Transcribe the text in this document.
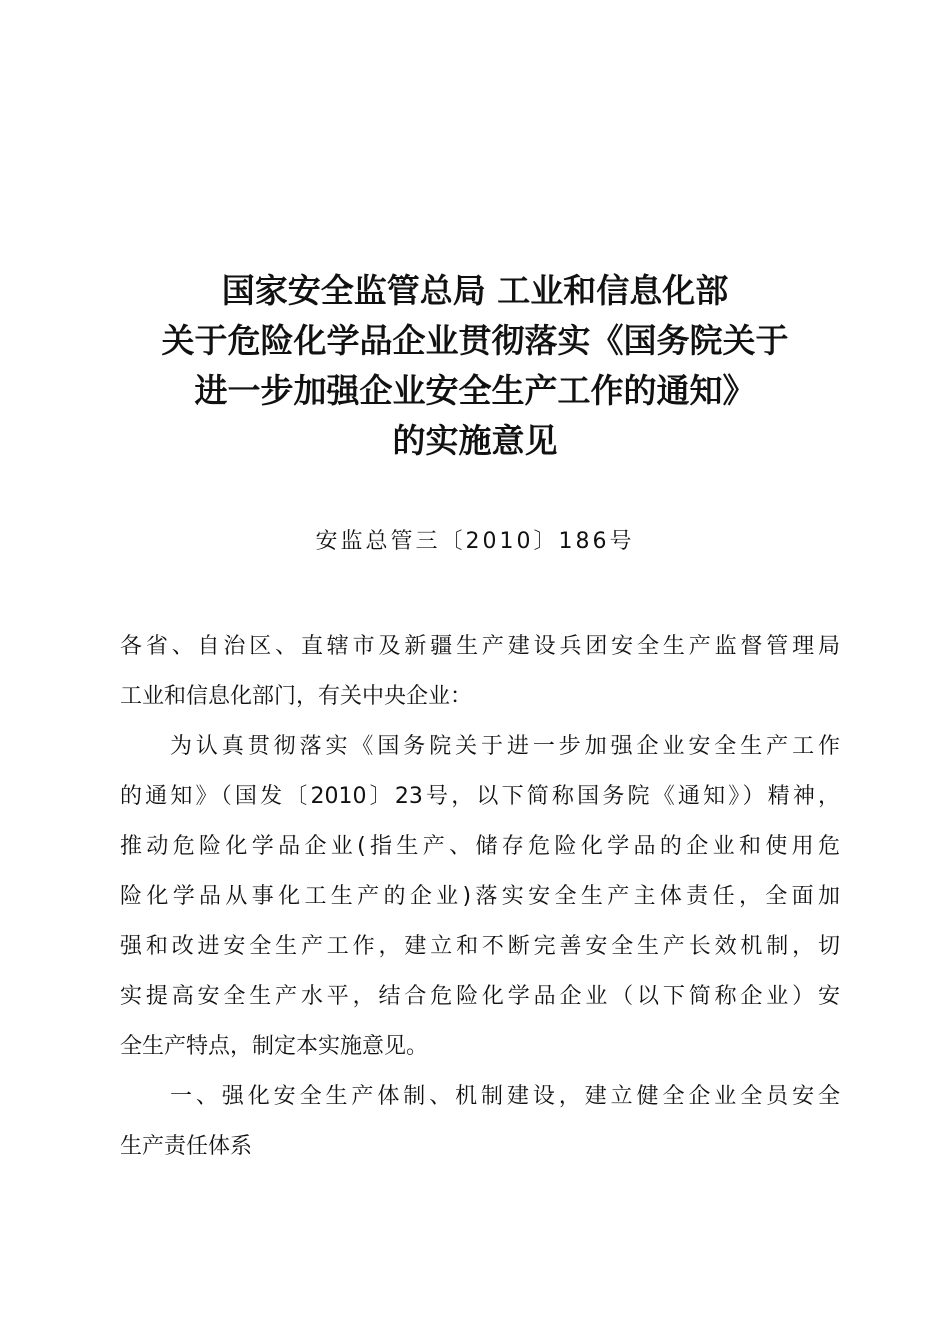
国家安全监管总局 工业和信息化部
关于危险化学品企业贯彻落实《国务院关于
进一步加强企业安全生产工作的通知》
的实施意见
安监总管三〔2010〕186号
各省、自治区、直辖市及新疆生产建设兵团安全生产监督管理局
工业和信息化部门，有关中央企业：
为认真贯彻落实《国务院关于进一步加强企业安全生产工作
的通知》（国发〔2010〕23号，以下简称国务院《通知》）精神，
推动危险化学品企业(指生产、储存危险化学品的企业和使用危
险化学品从事化工生产的企业)落实安全生产主体责任，全面加
强和改进安全生产工作，建立和不断完善安全生产长效机制，切
实提高安全生产水平，结合危险化学品企业（以下简称企业）安
全生产特点，制定本实施意见。
一、强化安全生产体制、机制建设，建立健全企业全员安全
生产责任体系
